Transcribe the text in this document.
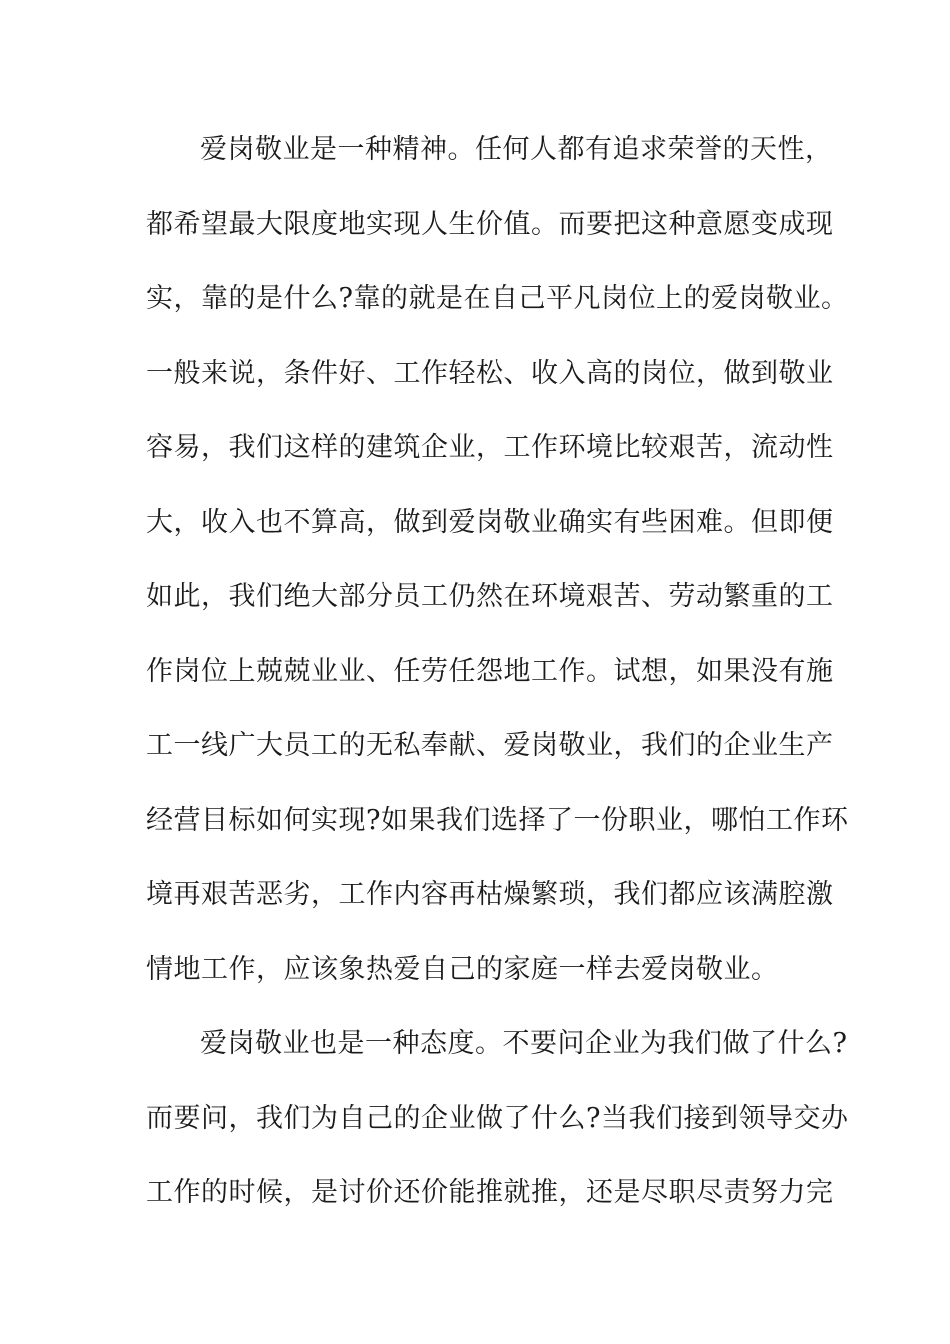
爱岗敬业是一种精神。任何人都有追求荣誉的天性，
都希望最大限度地实现人生价值。而要把这种意愿变成现
实，靠的是什么?靠的就是在自己平凡岗位上的爱岗敬业。
一般来说，条件好、工作轻松、收入高的岗位，做到敬业
容易，我们这样的建筑企业，工作环境比较艰苦，流动性
大，收入也不算高，做到爱岗敬业确实有些困难。但即便
如此，我们绝大部分员工仍然在环境艰苦、劳动繁重的工
作岗位上兢兢业业、任劳任怨地工作。试想，如果没有施
工一线广大员工的无私奉献、爱岗敬业，我们的企业生产
经营目标如何实现?如果我们选择了一份职业，哪怕工作环
境再艰苦恶劣，工作内容再枯燥繁琐，我们都应该满腔激
情地工作，应该象热爱自己的家庭一样去爱岗敬业。
爱岗敬业也是一种态度。不要问企业为我们做了什么?
而要问，我们为自己的企业做了什么?当我们接到领导交办
工作的时候，是讨价还价能推就推，还是尽职尽责努力完
